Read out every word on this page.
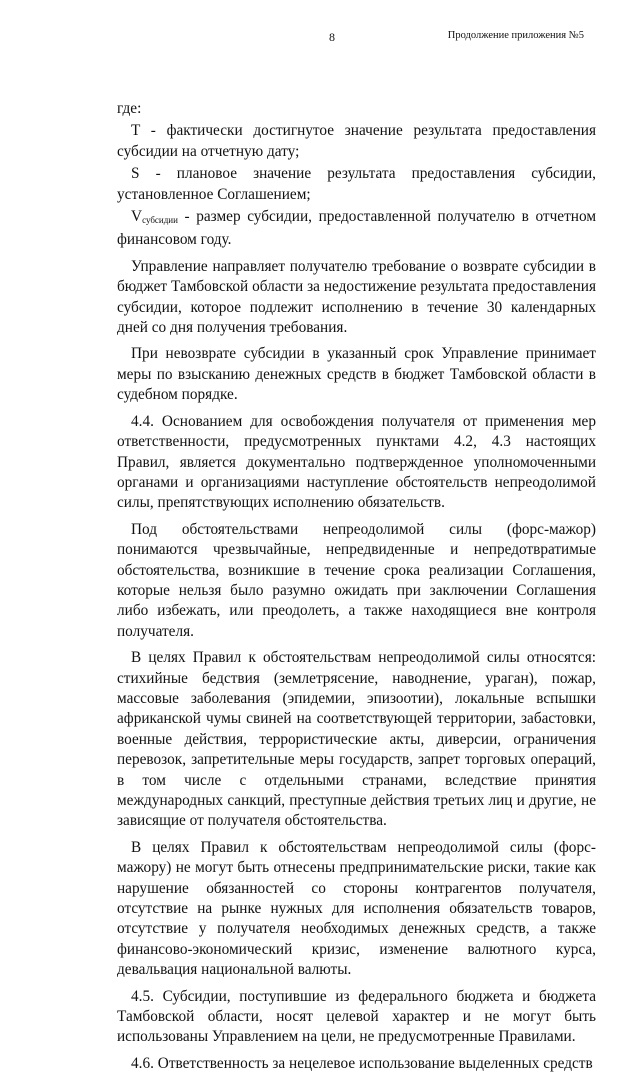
8	Продолжение приложения №5

где:

T - фактически достигнутое значение результата предоставления субсидии на отчетную дату;

S - плановое значение результата предоставления субсидии, установленное Соглашением;

$V_{субсидии}$ - размер субсидии, предоставленной получателю в отчетном финансовом году.

Управление направляет получателю требование о возврате субсидии в бюджет Тамбовской области за недостижение результата предоставления субсидии, которое подлежит исполнению в течение 30 календарных дней со дня получения требования.

При невозврате субсидии в указанный срок Управление принимает меры по взысканию денежных средств в бюджет Тамбовской области в судебном порядке.

4.4. Основанием для освобождения получателя от применения мер ответственности, предусмотренных пунктами 4.2, 4.3 настоящих Правил, является документально подтвержденное уполномоченными органами и организациями наступление обстоятельств непреодолимой силы, препятствующих исполнению обязательств.

Под обстоятельствами непреодолимой силы (форс-мажор) понимаются чрезвычайные, непредвиденные и непредотвратимые обстоятельства, возникшие в течение срока реализации Соглашения, которые нельзя было разумно ожидать при заключении Соглашения либо избежать, или преодолеть, а также находящиеся вне контроля получателя.

В целях Правил к обстоятельствам непреодолимой силы относятся: стихийные бедствия (землетрясение, наводнение, ураган), пожар, массовые заболевания (эпидемии, эпизоотии), локальные вспышки африканской чумы свиней на соответствующей территории, забастовки, военные действия, террористические акты, диверсии, ограничения перевозок, запретительные меры государств, запрет торговых операций, в том числе с отдельными странами, вследствие принятия международных санкций, преступные действия третьих лиц и другие, не зависящие от получателя обстоятельства.

В целях Правил к обстоятельствам непреодолимой силы (форс-мажору) не могут быть отнесены предпринимательские риски, такие как нарушение обязанностей со стороны контрагентов получателя, отсутствие на рынке нужных для исполнения обязательств товаров, отсутствие у получателя необходимых денежных средств, а также финансово-экономический кризис, изменение валютного курса, девальвация национальной валюты.

4.5. Субсидии, поступившие из федерального бюджета и бюджета Тамбовской области, носят целевой характер и не могут быть использованы Управлением на цели, не предусмотренные Правилами.

4.6. Ответственность за нецелевое использование выделенных средств
